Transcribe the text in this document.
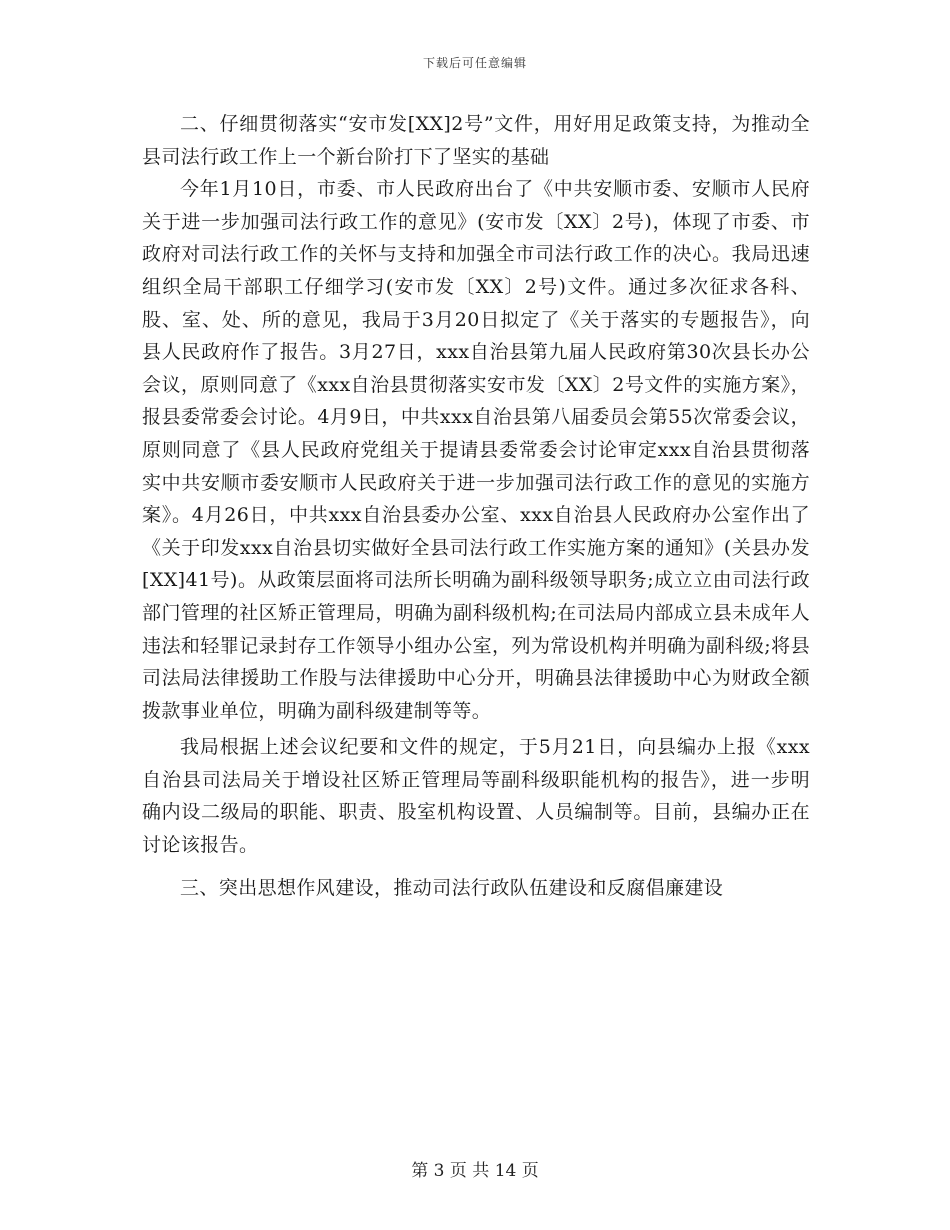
下载后可任意编辑

二、仔细贯彻落实“安市发[XX]2号”文件，用好用足政策支持，为推动全县司法行政工作上一个新台阶打下了坚实的基础

今年1月10日，市委、市人民政府出台了《中共安顺市委、安顺市人民府关于进一步加强司法行政工作的意见》(安市发〔XX〕2号)，体现了市委、市政府对司法行政工作的关怀与支持和加强全市司法行政工作的决心。我局迅速组织全局干部职工仔细学习(安市发〔XX〕2号)文件。通过多次征求各科、股、室、处、所的意见，我局于3月20日拟定了《关于落实的专题报告》，向县人民政府作了报告。3月27日，xxx自治县第九届人民政府第30次县长办公会议，原则同意了《xxx自治县贯彻落实安市发〔XX〕2号文件的实施方案》，报县委常委会讨论。4月9日，中共xxx自治县第八届委员会第55次常委会议，原则同意了《县人民政府党组关于提请县委常委会讨论审定xxx自治县贯彻落实中共安顺市委安顺市人民政府关于进一步加强司法行政工作的意见的实施方案》。4月26日，中共xxx自治县委办公室、xxx自治县人民政府办公室作出了《关于印发xxx自治县切实做好全县司法行政工作实施方案的通知》(关县办发[XX]41号)。从政策层面将司法所长明确为副科级领导职务;成立立由司法行政部门管理的社区矫正管理局，明确为副科级机构;在司法局内部成立县未成年人违法和轻罪记录封存工作领导小组办公室，列为常设机构并明确为副科级;将县司法局法律援助工作股与法律援助中心分开，明确县法律援助中心为财政全额拨款事业单位，明确为副科级建制等等。

我局根据上述会议纪要和文件的规定，于5月21日，向县编办上报《xxx自治县司法局关于增设社区矫正管理局等副科级职能机构的报告》，进一步明确内设二级局的职能、职责、股室机构设置、人员编制等。目前，县编办正在讨论该报告。

三、突出思想作风建设，推动司法行政队伍建设和反腐倡廉建设

第 3 页 共 14 页
